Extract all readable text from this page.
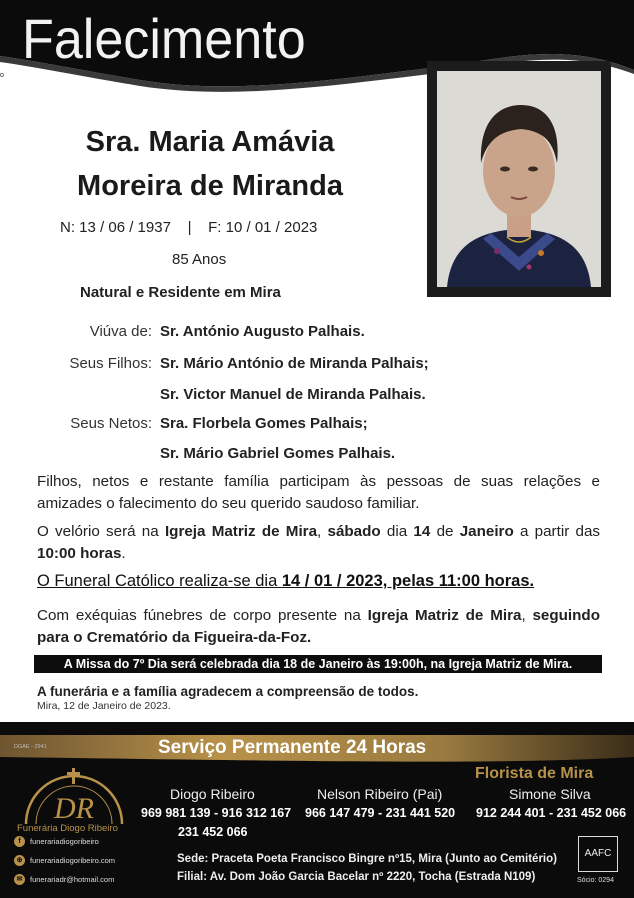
Falecimento
o
Sra. Maria Amávia
Moreira de Miranda
N: 13 / 06 / 1937    |    F: 10 / 01 / 2023
85 Anos
Natural e Residente em Mira
Viúva de: Sr. António Augusto Palhais.
Seus Filhos: Sr. Mário António de Miranda Palhais;
Sr. Victor Manuel de Miranda Palhais.
Seus Netos: Sra. Florbela Gomes Palhais;
Sr. Mário Gabriel Gomes Palhais.
Filhos, netos e restante família participam às pessoas de suas relações e amizades o falecimento do seu querido saudoso familiar.
O velório será na Igreja Matriz de Mira, sábado dia 14 de Janeiro a partir das 10:00 horas.
O Funeral Católico realiza-se dia 14 / 01 / 2023, pelas 11:00 horas.
Com exéquias fúnebres de corpo presente na Igreja Matriz de Mira, seguindo para o Crematório da Figueira-da-Foz.
A Missa do 7º Dia será celebrada dia 18 de Janeiro às 19:00h, na Igreja Matriz de Mira.
A funerária e a família agradecem a compreensão de todos.
Mira, 12 de Janeiro de 2023.
Serviço Permanente 24 Horas
DGAE - 2941
DR
Funerária Diogo Ribeiro
f	funerariadiogoribeiro
⊕	funerariadiogoribeiro.com
✉	funerariadr@hotmail.com
Florista de Mira
Diogo Ribeiro
969 981 139 - 916 312 167
231 452 066
Nelson Ribeiro (Pai)
966 147 479 - 231 441 520
Simone Silva
912 244 401 - 231 452 066
Sede: Praceta Poeta Francisco Bingre nº15, Mira (Junto ao Cemitério)
Filial: Av. Dom João Garcia Bacelar nº 2220, Tocha (Estrada N109)
AAFC
Sócio: 0294
